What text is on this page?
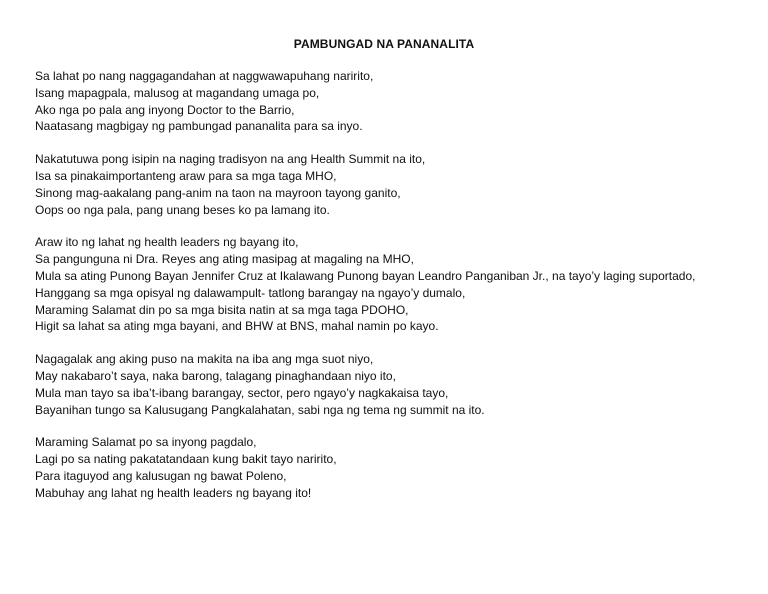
PAMBUNGAD NA PANANALITA
Sa lahat po nang naggagandahan at naggwawapuhang naririto,
Isang mapagpala, malusog at magandang umaga po,
Ako nga po pala ang inyong Doctor to the Barrio,
Naatasang magbigay ng pambungad pananalita para sa inyo.
Nakatutuwa pong isipin na naging tradisyon na ang Health Summit na ito,
Isa sa pinakaimportanteng araw para sa mga taga MHO,
Sinong mag-aakalang pang-anim na taon na mayroon tayong ganito,
Oops oo nga pala, pang unang beses ko pa lamang ito.
Araw ito ng lahat ng health leaders ng bayang ito,
Sa pangunguna ni Dra. Reyes ang ating masipag at magaling na MHO,
Mula sa ating Punong Bayan Jennifer Cruz at Ikalawang Punong bayan Leandro Panganiban Jr., na tayo’y laging suportado,
Hanggang sa mga opisyal ng dalawampult- tatlong barangay na ngayo’y dumalo,
Maraming Salamat din po sa mga bisita natin at sa mga taga PDOHO,
Higit sa lahat sa ating mga bayani, and BHW at BNS, mahal namin po kayo.
Nagagalak ang aking puso na makita na iba ang mga suot niyo,
May nakabaro’t saya, naka barong, talagang pinaghandaan niyo ito,
Mula man tayo sa iba’t-ibang barangay, sector, pero ngayo’y nagkakaisa tayo,
Bayanihan tungo sa Kalusugang Pangkalahatan, sabi nga ng tema ng summit na ito.
Maraming Salamat po sa inyong pagdalo,
Lagi po sa nating pakatatandaan kung bakit tayo naririto,
Para itaguyod ang kalusugan ng bawat Poleno,
Mabuhay ang lahat ng health leaders ng bayang ito!
